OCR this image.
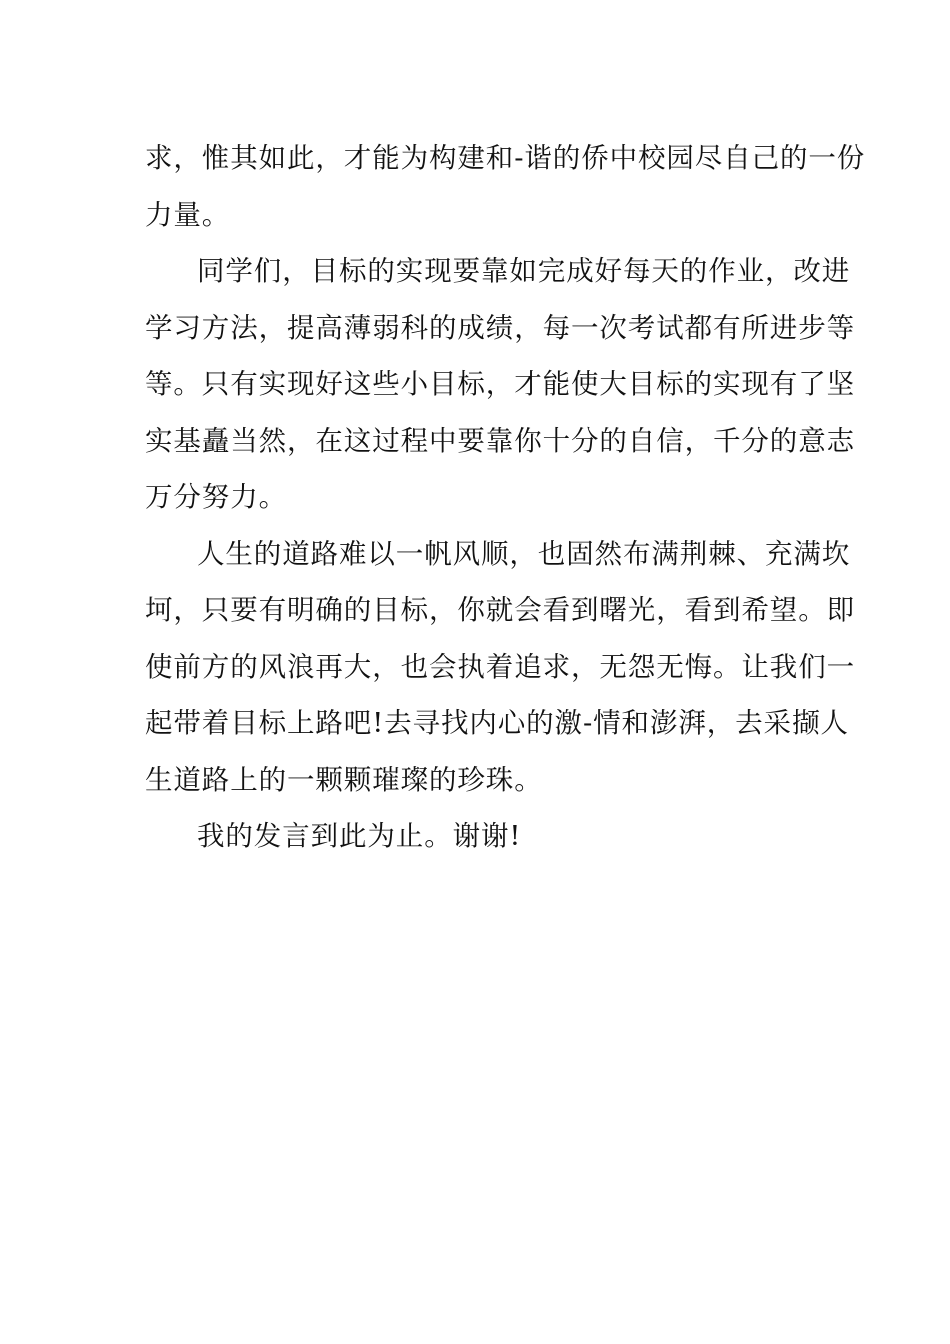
求，惟其如此，才能为构建和-谐的侨中校园尽自己的一份
力量。
同学们，目标的实现要靠如完成好每天的作业，改进
学习方法，提高薄弱科的成绩，每一次考试都有所进步等
等。只有实现好这些小目标，才能使大目标的实现有了坚
实基矗当然，在这过程中要靠你十分的自信，千分的意志
万分努力。
人生的道路难以一帆风顺，也固然布满荆棘、充满坎
坷，只要有明确的目标，你就会看到曙光，看到希望。即
使前方的风浪再大，也会执着追求，无怨无悔。让我们一
起带着目标上路吧!去寻找内心的激-情和澎湃，去采撷人
生道路上的一颗颗璀璨的珍珠。
我的发言到此为止。谢谢!
